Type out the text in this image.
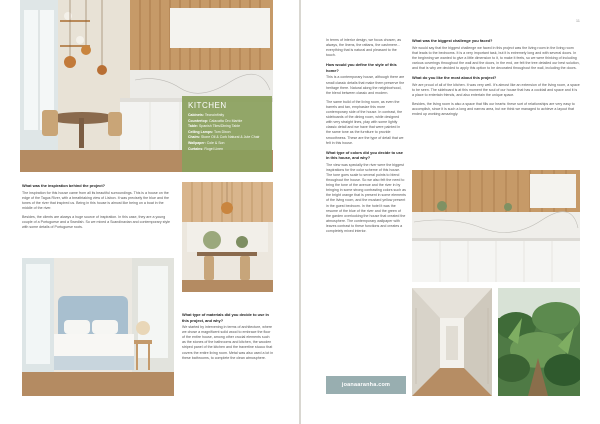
KITCHEN
Cabinets: Tecnoinfinity
Countertop: Calacatta Oro Marble
Table: Spanish Tiles/Dining Table
Ceiling Lamps: Tom Dixon
Chairs: Stone Oil & Cork Natural & Jute Chair
Wallpaper: Cole & Son
Curtains: Rogel Linen
What was the inspiration behind the project?
The inspiration for this house came from all its beautiful surroundings. This is a house on the edge of the Tagus River, with a breathtaking view of Lisbon. It was precisely the blue and the tones of the river that inspired us. Being in this house is almost like being on a boat in the middle of the river.
Besides, the clients are always a huge source of inspiration. In this case, they are a young couple of a Portuguese and a Swedish. So we mixed a Scandinavian and contemporary style with some details of Portuguese roots.
What type of materials did you decide to use in this project, and why?
We started by intervening in terms of architecture, where we chose a magnificent solid wood to embrace the floor of the entire house, among other crucial elements such as the stones of the bathrooms and kitchen, the wooden striped panel of the kitchen and the travertine stucco that covers the entire living room. Metal was also used a lot in these bathrooms, to complete the clean atmosphere.
11
In terms of interior design, we focus chosen, as always, the linens, the rattans, the cashmere... everything that is natural and pleasant to the touch.
How would you define the style of this home?
This is a contemporary house, although there are small classic details that make them preserve the heritage there. Natural along the neighborhood, the blend between classic and modern.
The same build of the living room, as even the barrels and tan, emphasize this more contemporary side of the house. In contrast, the sideboards of the dining room, while designed with very straight lines, play with some lightly classic detail and we have that were painted in the same tone as the furniture to provide smoothness. These are the type of detail that we felt in this house.
What type of colors did you decide to use in this house, and why?
The view was specially the river were the biggest inspirations for the color scheme of this house. The tone goes scale to several points to blend throughout the house. So we also felt the need to bring the tone of the avenue and the river in by bringing in some strong contrasting colors such as the bright orange that is present in some elements of the living room, and the mustard yellow present in the guest bedroom. In the hotel it was the resume of the blue of the river and the green of the garden overlooking the house that created the atmosphere. The contemporary wallpaper with leaves contrast to these functions and creates a completely mixed interior.
joanaaranha.com
What was the biggest challenge you faced?
We would say that the biggest challenge we faced in this project was the living room in the living room that leads to the bedrooms. It is a very important task, but it is extremely long and with several doors. In the beginning we wanted to give a little dimension to it, to make it feels, so we were thinking of including various coverings throughout the wall and the doors, in the end, we felt the tree detailed our best solution, and that is why we decided to apply this option to be decorated throughout the wall, including the doors.
What do you like the most about this project?
We are proud of all of the kitchen. It was very well. It's almost like an extension of the living room, a space to be seen. The sideboard is at this moment the soul of our house that has a cocktail and space and it is a place to entertain friends, and also entertain the unique space.
Besides, the living room is also a space that fills our hearts: these sort of relationships are very easy to accomplish, since it is such a long and narrow area, but we think we managed to achieve a layout that ended up working amazingly.
